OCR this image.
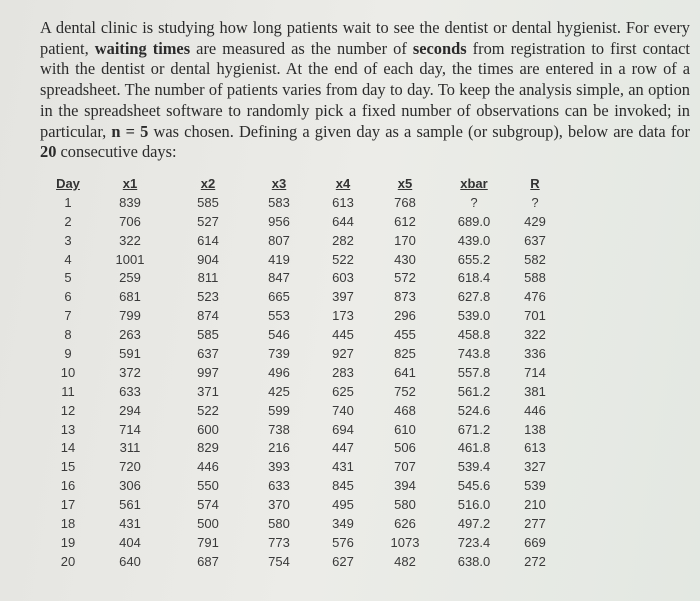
A dental clinic is studying how long patients wait to see the dentist or dental hygienist. For every patient, waiting times are measured as the number of seconds from registration to first contact with the dentist or dental hygienist. At the end of each day, the times are entered in a row of a spreadsheet. The number of patients varies from day to day. To keep the analysis simple, an option in the spreadsheet software to randomly pick a fixed number of observations can be invoked; in particular, n = 5 was chosen. Defining a given day as a sample (or subgroup), below are data for 20 consecutive days:
Day	x1	x2	x3	x4	x5	xbar	R
1	839	585	583	613	768	?	?
2	706	527	956	644	612	689.0	429
3	322	614	807	282	170	439.0	637
4	1001	904	419	522	430	655.2	582
5	259	811	847	603	572	618.4	588
6	681	523	665	397	873	627.8	476
7	799	874	553	173	296	539.0	701
8	263	585	546	445	455	458.8	322
9	591	637	739	927	825	743.8	336
10	372	997	496	283	641	557.8	714
11	633	371	425	625	752	561.2	381
12	294	522	599	740	468	524.6	446
13	714	600	738	694	610	671.2	138
14	311	829	216	447	506	461.8	613
15	720	446	393	431	707	539.4	327
16	306	550	633	845	394	545.6	539
17	561	574	370	495	580	516.0	210
18	431	500	580	349	626	497.2	277
19	404	791	773	576	1073	723.4	669
20	640	687	754	627	482	638.0	272
